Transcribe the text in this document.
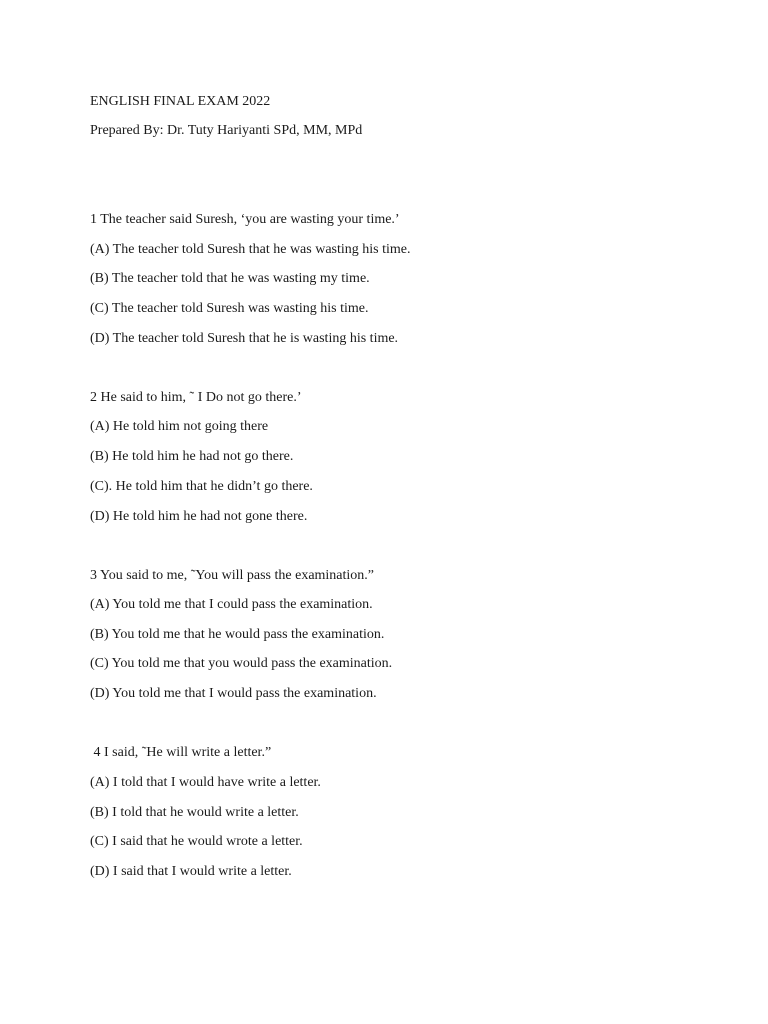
ENGLISH FINAL EXAM 2022
Prepared By: Dr. Tuty Hariyanti SPd, MM, MPd
1 The teacher said Suresh, ‘you are wasting your time.’
(A) The teacher told Suresh that he was wasting his time.
(B) The teacher told that he was wasting my time.
(C) The teacher told Suresh was wasting his time.
(D) The teacher told Suresh that he is wasting his time.
2 He said to him, ˜ I Do not go there.’
(A) He told him not going there
(B) He told him he had not go there.
(C). He told him that he didn’t go there.
(D) He told him he had not gone there.
3 You said to me, ˜You will pass the examination.”
(A) You told me that I could pass the examination.
(B) You told me that he would pass the examination.
(C) You told me that you would pass the examination.
(D) You told me that I would pass the examination.
4 I said, ˜He will write a letter.”
(A) I told that I would have write a letter.
(B) I told that he would write a letter.
(C) I said that he would wrote a letter.
(D) I said that I would write a letter.
